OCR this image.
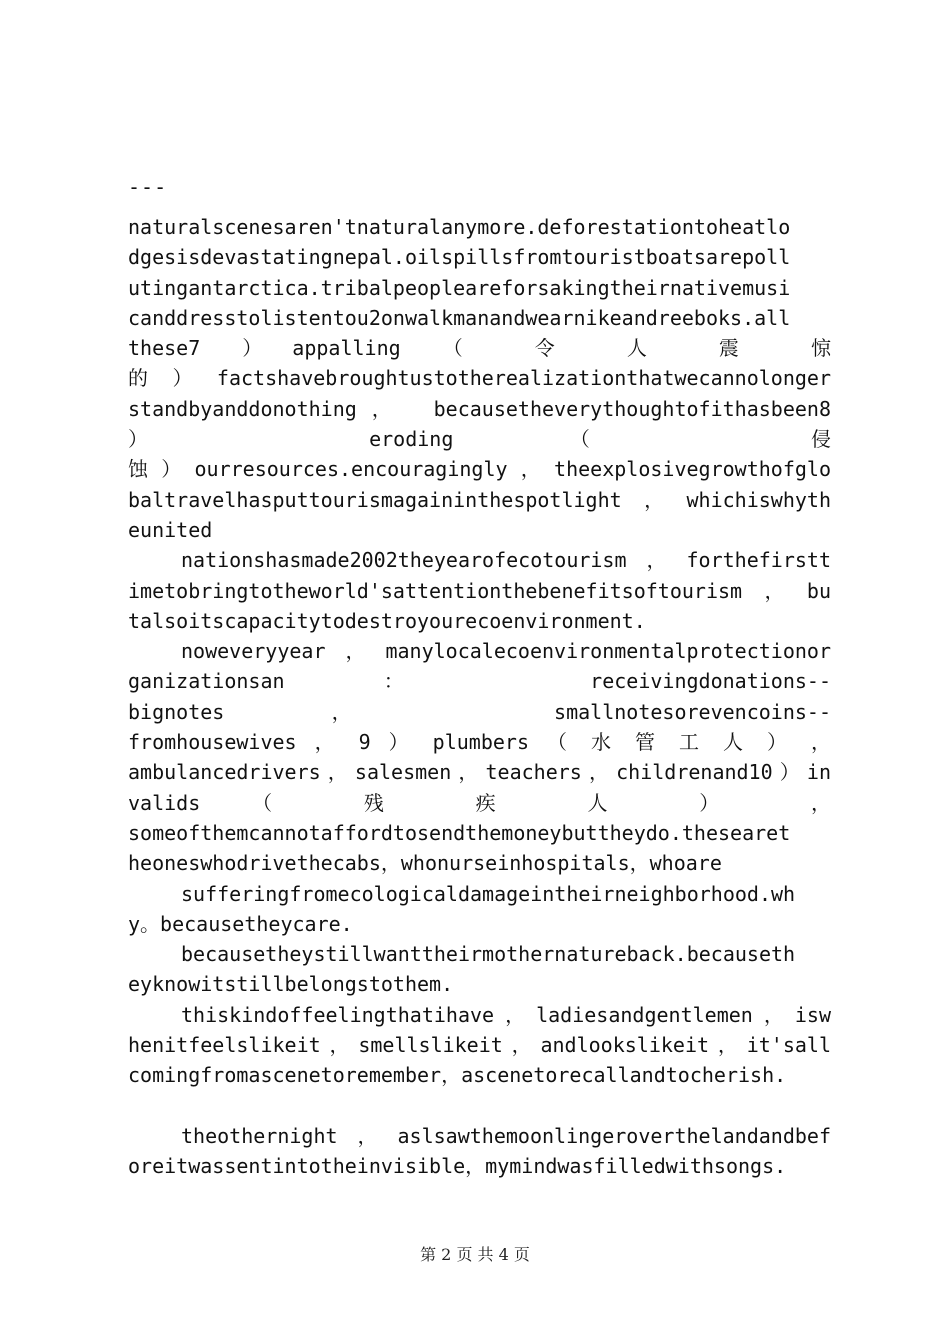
---
naturalscenesaren'tnaturalanymore.deforestationtoheatlo
dgesisdevastatingnepal.oilspillsfromtouristboatsarepoll
utingantarctica.tribalpeopleareforsakingtheirnativemusi
canddresstolistentou2onwalkmanandwearnikeandreeboks.all
these7 ）appalling （ 令 人 震 惊
的）factshavebroughtustotherealizationthatwecannolonger
standbyanddonothing， becausetheverythoughtofithasbeen8
） eroding （ 侵
蚀）ourresources.encouragingly，theexplosivegrowthofglo
baltravelhasputtourismagaininthespotlight，whichiswhyth
eunited
nationshasmade2002theyearofecotourism，forthefirstt
imetobringtotheworld'sattentionthebenefitsoftourism，bu
talsoitscapacitytodestroyourecoenvironment.
noweveryyear，manylocalecoenvironmentalprotectionor
ganizationsan ： receivingdonations--
bignotes ， smallnotesorevencoins--
fromhousewives ， 9 ） plumbers （ 水 管 工 人 ） ，
ambulancedrivers，salesmen，teachers，childrenand10）in
valids （ 残 疾 人 ） ，
someofthemcannotaffordtosendthemoneybuttheydo.thesearet
heoneswhodrivethecabs，whonurseinhospitals，whoare
sufferingfromecologicaldamageintheirneighborhood.wh
y。becausetheycare.
becausetheystillwanttheirmothernatureback.becauseth
eyknowitstillbelongstothem.
thiskindoffeelingthatihave，ladiesandgentlemen，isw
henitfeelslikeit，smellslikeit，andlookslikeit，it'sall
comingfromascenetoremember，ascenetorecallandtocherish.
theothernight，aslsawthemoonlingeroverthelandandbef
oreitwassentintotheinvisible，mymindwasfilledwithsongs.
第 2 页 共 4 页
